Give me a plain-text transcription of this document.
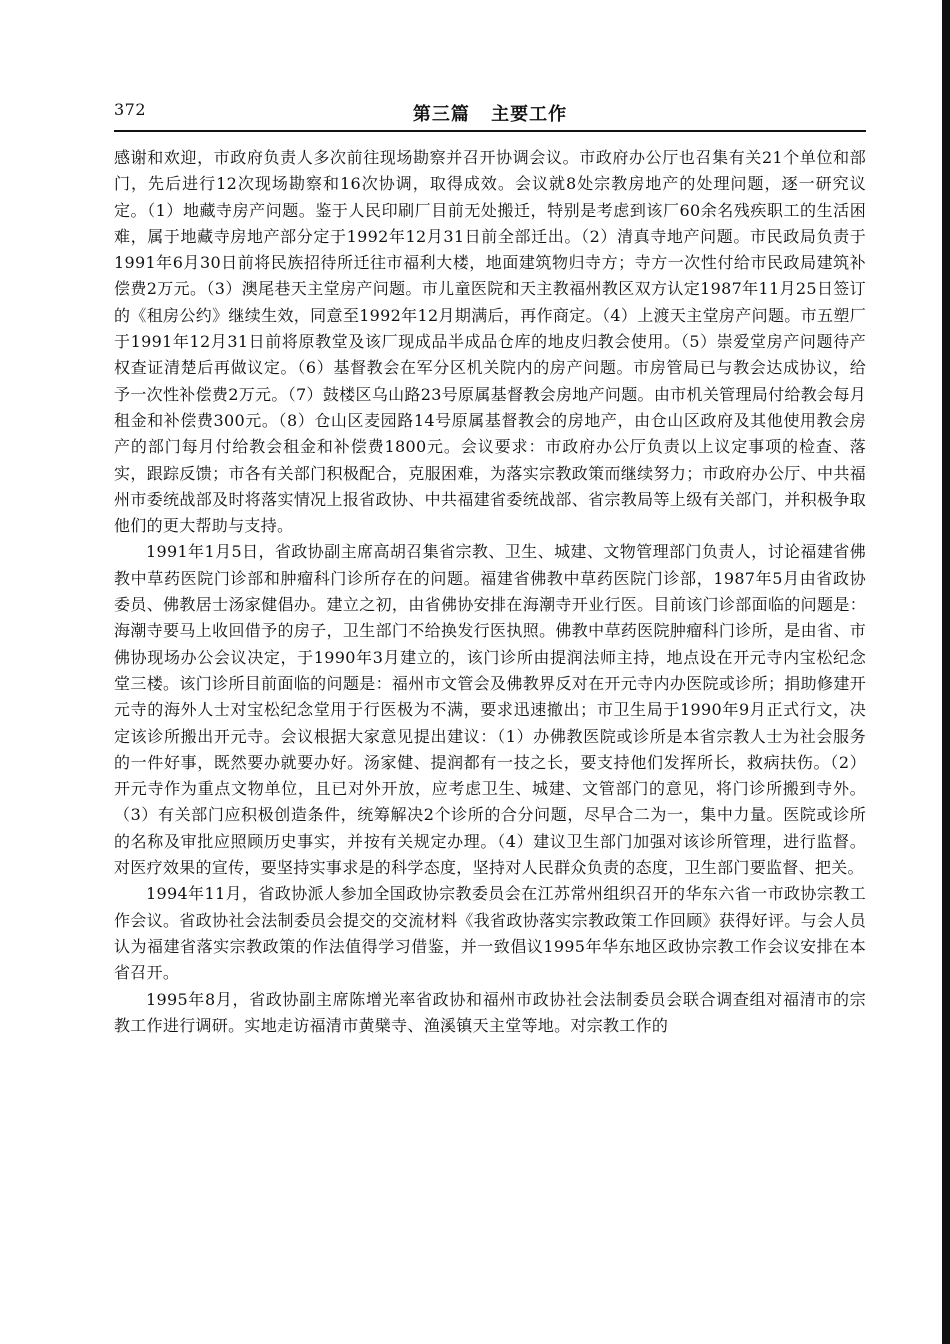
372	第三篇 主要工作

感谢和欢迎，市政府负责人多次前往现场勘察并召开协调会议。市政府办公厅也召集有关21个单位和部门，先后进行12次现场勘察和16次协调，取得成效。会议就8处宗教房地产的处理问题，逐一研究议定。（1）地藏寺房产问题。鉴于人民印刷厂目前无处搬迁，特别是考虑到该厂60余名残疾职工的生活困难，属于地藏寺房地产部分定于1992年12月31日前全部迁出。（2）清真寺地产问题。市民政局负责于1991年6月30日前将民族招待所迁往市福利大楼，地面建筑物归寺方；寺方一次性付给市民政局建筑补偿费2万元。（3）澳尾巷天主堂房产问题。市儿童医院和天主教福州教区双方认定1987年11月25日签订的《租房公约》继续生效，同意至1992年12月期满后，再作商定。（4）上渡天主堂房产问题。市五塑厂于1991年12月31日前将原教堂及该厂现成品半成品仓库的地皮归教会使用。（5）崇爱堂房产问题待产权查证清楚后再做议定。（6）基督教会在军分区机关院内的房产问题。市房管局已与教会达成协议，给予一次性补偿费2万元。（7）鼓楼区乌山路23号原属基督教会房地产问题。由市机关管理局付给教会每月租金和补偿费300元。（8）仓山区麦园路14号原属基督教会的房地产，由仓山区政府及其他使用教会房产的部门每月付给教会租金和补偿费1800元。会议要求：市政府办公厅负责以上议定事项的检查、落实，跟踪反馈；市各有关部门积极配合，克服困难，为落实宗教政策而继续努力；市政府办公厅、中共福州市委统战部及时将落实情况上报省政协、中共福建省委统战部、省宗教局等上级有关部门，并积极争取他们的更大帮助与支持。

1991年1月5日，省政协副主席高胡召集省宗教、卫生、城建、文物管理部门负责人，讨论福建省佛教中草药医院门诊部和肿瘤科门诊所存在的问题。福建省佛教中草药医院门诊部，1987年5月由省政协委员、佛教居士汤家健倡办。建立之初，由省佛协安排在海潮寺开业行医。目前该门诊部面临的问题是：海潮寺要马上收回借予的房子，卫生部门不给换发行医执照。佛教中草药医院肿瘤科门诊所，是由省、市佛协现场办公会议决定，于1990年3月建立的，该门诊所由提润法师主持，地点设在开元寺内宝松纪念堂三楼。该门诊所目前面临的问题是：福州市文管会及佛教界反对在开元寺内办医院或诊所；捐助修建开元寺的海外人士对宝松纪念堂用于行医极为不满，要求迅速撤出；市卫生局于1990年9月正式行文，决定该诊所搬出开元寺。会议根据大家意见提出建议：（1）办佛教医院或诊所是本省宗教人士为社会服务的一件好事，既然要办就要办好。汤家健、提润都有一技之长，要支持他们发挥所长，救病扶伤。（2）开元寺作为重点文物单位，且已对外开放，应考虑卫生、城建、文管部门的意见，将门诊所搬到寺外。（3）有关部门应积极创造条件，统筹解决2个诊所的合分问题，尽早合二为一，集中力量。医院或诊所的名称及审批应照顾历史事实，并按有关规定办理。（4）建议卫生部门加强对该诊所管理，进行监督。对医疗效果的宣传，要坚持实事求是的科学态度，坚持对人民群众负责的态度，卫生部门要监督、把关。

1994年11月，省政协派人参加全国政协宗教委员会在江苏常州组织召开的华东六省一市政协宗教工作会议。省政协社会法制委员会提交的交流材料《我省政协落实宗教政策工作回顾》获得好评。与会人员认为福建省落实宗教政策的作法值得学习借鉴，并一致倡议1995年华东地区政协宗教工作会议安排在本省召开。

1995年8月，省政协副主席陈增光率省政协和福州市政协社会法制委员会联合调查组对福清市的宗教工作进行调研。实地走访福清市黄檗寺、渔溪镇天主堂等地。对宗教工作的
